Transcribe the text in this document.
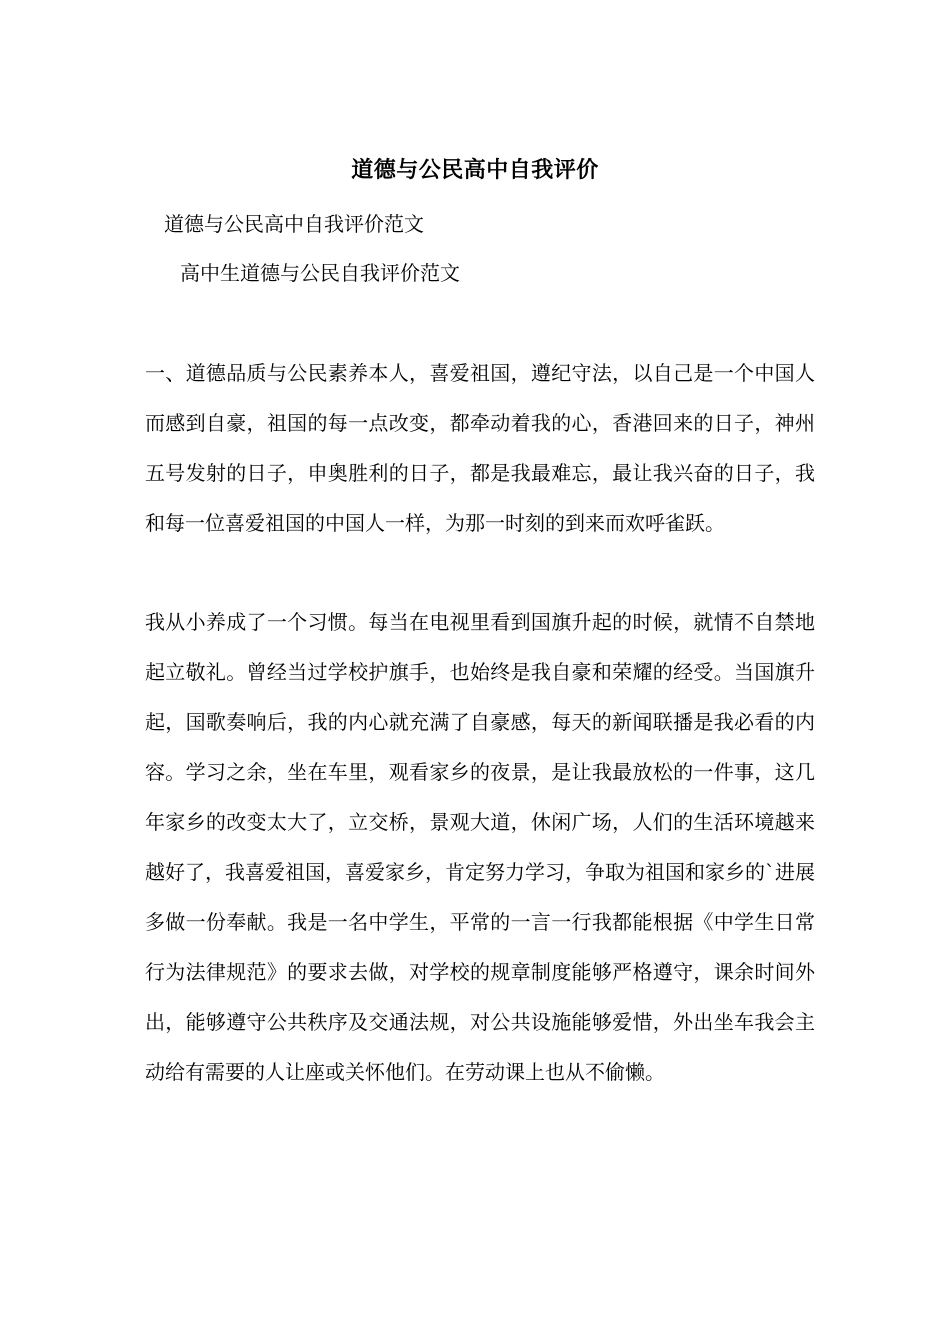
道德与公民高中自我评价
道德与公民高中自我评价范文
高中生道德与公民自我评价范文

一、道德品质与公民素养本人，喜爱祖国，遵纪守法，以自己是一个中国人而感到自豪，祖国的每一点改变，都牵动着我的心，香港回来的日子，神州五号发射的日子，申奥胜利的日子，都是我最难忘，最让我兴奋的日子，我和每一位喜爱祖国的中国人一样，为那一时刻的到来而欢呼雀跃。

我从小养成了一个习惯。每当在电视里看到国旗升起的时候，就情不自禁地起立敬礼。曾经当过学校护旗手，也始终是我自豪和荣耀的经受。当国旗升起，国歌奏响后，我的内心就充满了自豪感，每天的新闻联播是我必看的内容。学习之余，坐在车里，观看家乡的夜景，是让我最放松的一件事，这几年家乡的改变太大了，立交桥，景观大道，休闲广场，人们的生活环境越来越好了，我喜爱祖国，喜爱家乡，肯定努力学习，争取为祖国和家乡的`进展多做一份奉献。我是一名中学生，平常的一言一行我都能根据《中学生日常行为法律规范》的要求去做，对学校的规章制度能够严格遵守，课余时间外出，能够遵守公共秩序及交通法规，对公共设施能够爱惜，外出坐车我会主动给有需要的人让座或关怀他们。在劳动课上也从不偷懒。
